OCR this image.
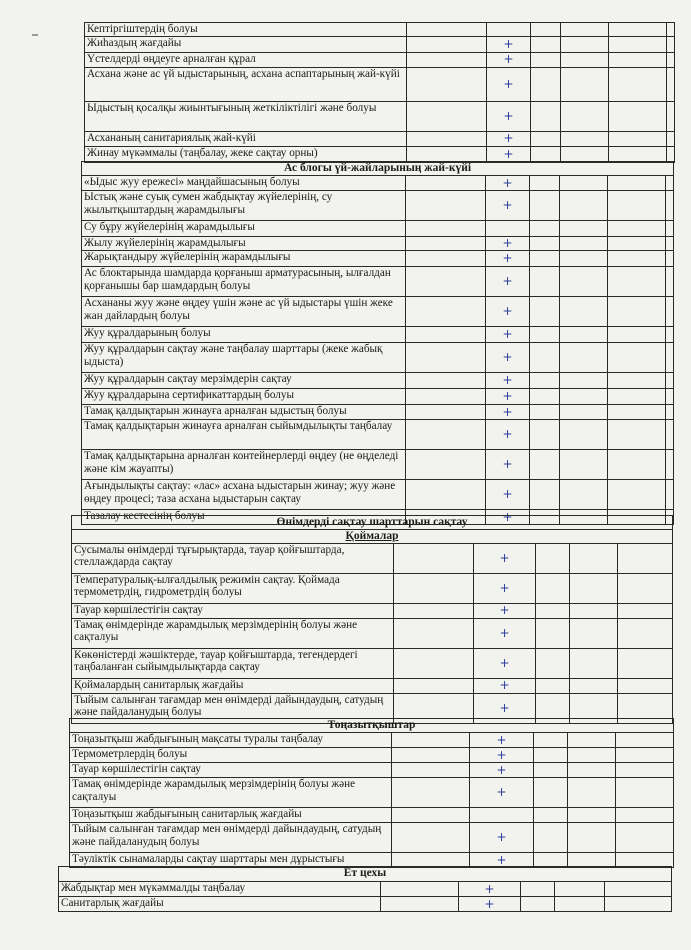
Кептіргіштердің болуы						
Жиһаздың жағдайы		+				
Үстелдерді өңдеуге арналған құрал		+				
Асхана және ас үй ыдыстарының, асхана аспаптарының жай-күйі		+				
Ыдыстың қосалқы жиынтығының жеткіліктілігі және болуы		+				
Асхананың санитариялық жай-күйі		+				
Жинау мүкәммалы (таңбалау, жеке сақтау орны)		+				
Ас блогы үй-жайларының жай-күйі						
«Ыдыс жуу ережесі» маңдайшасының болуы		+				
Ыстық және суық сумен жабдықтау жүйелерінің, су жылытқыштардың жарамдылығы		+				
Су бұру жүйелерінің жарамдылығы						
Жылу жүйелерінің жарамдылығы		+				
Жарықтандыру жүйелерінің жарамдылығы		+				
Ас блоктарында шамдарда қорғаныш арматурасының, ылғалдан қорғанышы бар шамдардың болуы		+				
Асхананы жуу және өңдеу үшін және ас үй ыдыстары үшін жеке жан дайлардың болуы		+				
Жуу құралдарының болуы		+				
Жуу құралдарын сақтау және таңбалау шарттары (жеке жабық ыдыста)		+				
Жуу құралдарын сақтау мерзімдерін сақтау		+				
Жуу құралдарына сертификаттардың болуы		+				
Тамақ қалдықтарын жинауға арналған ыдыстың болуы		+				
Тамақ қалдықтарын жинауға арналған сыйымдылықты таңбалау		+				
Тамақ қалдықтарына арналған контейнерлерді өңдеу (не өңделеді және кім жауапты)		+				
Ағындылықты сақтау: «лас» асхана ыдыстарын жинау; жуу және өңдеу процесі; таза асхана ыдыстарын сақтау		+				
Тазалау кестесінің болуы		+				
Өнімдерді сақтау шарттарын сақтау					
Қоймалар					
Сусымалы өнімдерді тұғырықтарда, тауар қойғыштарда, стеллаждарда сақтау		+			
Температуралық-ылғалдылық режимін сақтау. Қоймада термометрдің, гидрометрдің болуы		+			
Тауар көршілестігін сақтау		+			
Тамақ өнімдерінде жарамдылық мерзімдерінің болуы және сақталуы		+			
Көкөністерді жәшіктерде, тауар қойғыштарда, тегендердегі таңбаланған сыйымдылықтарда сақтау		+			
Қоймалардың санитарлық жағдайы		+			
Тыйым салынған тағамдар мен өнімдерді дайындаудың, сатудың және пайдаланудың болуы		+			
Тоңазытқыштар					
Тоңазытқыш жабдығының мақсаты туралы таңбалау		+			
Термометрлердің болуы		+			
Тауар көршілестігін сақтау		+			
Тамақ өнімдерінде жарамдылық мерзімдерінің болуы және сақталуы		+			
Тоңазытқыш жабдығының санитарлық жағдайы					
Тыйым салынған тағамдар мен өнімдерді дайындаудың, сатудың және пайдаланудың болуы		+			
Тәуліктік сынамаларды сақтау шарттары мен дұрыстығы		+			
Ет цехы					
Жабдықтар мен мүкәммалды таңбалау		+			
Санитарлық жағдайы		+			
